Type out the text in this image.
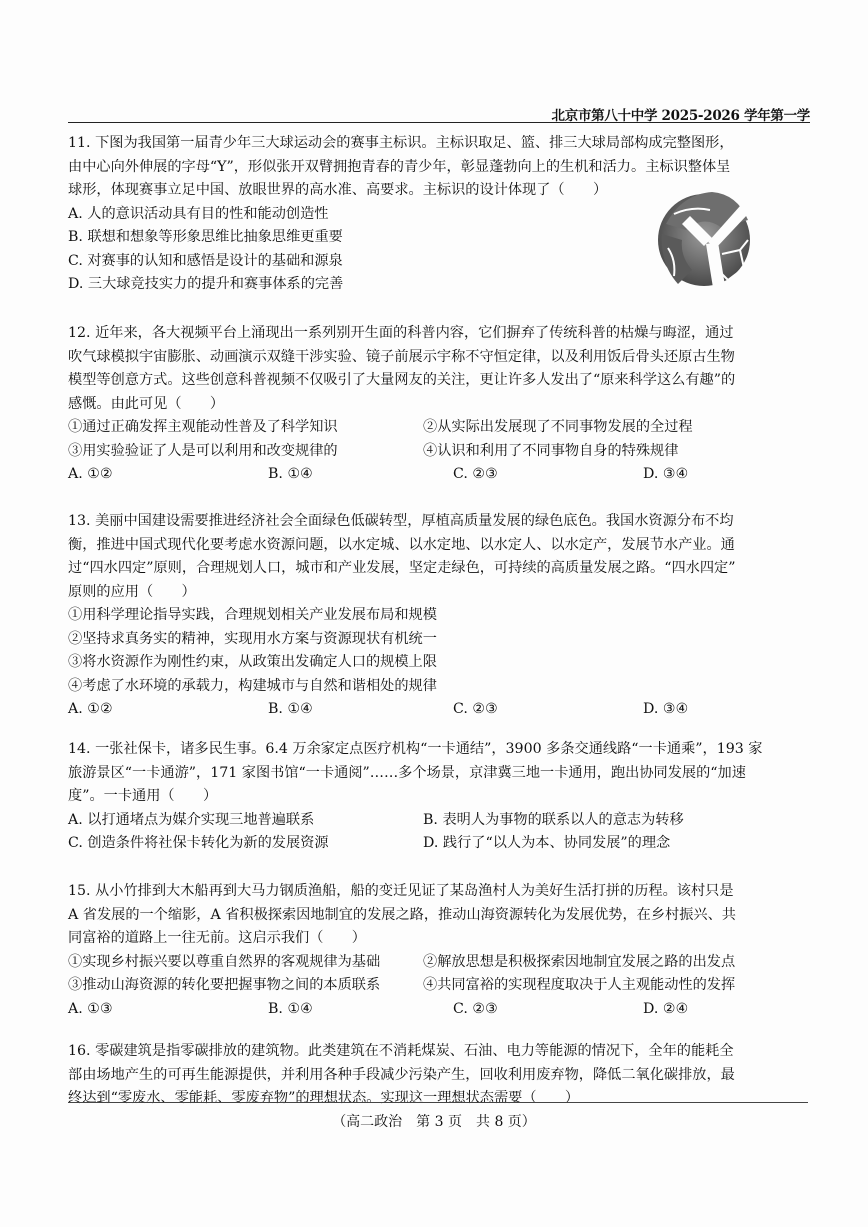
北京市第八十中学 2025-2026 学年第一学
11. 下图为我国第一届青少年三大球运动会的赛事主标识。主标识取足、篮、排三大球局部构成完整图形，
由中心向外伸展的字母“Y”，形似张开双臂拥抱青春的青少年，彰显蓬勃向上的生机和活力。主标识整体呈
球形，体现赛事立足中国、放眼世界的高水准、高要求。主标识的设计体现了（　　）
A. 人的意识活动具有目的性和能动创造性
B. 联想和想象等形象思维比抽象思维更重要
C. 对赛事的认知和感悟是设计的基础和源泉
D. 三大球竞技实力的提升和赛事体系的完善
12. 近年来，各大视频平台上涌现出一系列别开生面的科普内容，它们摒弃了传统科普的枯燥与晦涩，通过
吹气球模拟宇宙膨胀、动画演示双缝干涉实验、镜子前展示宇称不守恒定律，以及利用饭后骨头还原古生物
模型等创意方式。这些创意科普视频不仅吸引了大量网友的关注，更让许多人发出了“原来科学这么有趣”的
感慨。由此可见（　　）
①通过正确发挥主观能动性普及了科学知识	②从实际出发展现了不同事物发展的全过程
③用实验验证了人是可以利用和改变规律的	④认识和利用了不同事物自身的特殊规律
A. ①②	B. ①④	C. ②③	D. ③④
13. 美丽中国建设需要推进经济社会全面绿色低碳转型，厚植高质量发展的绿色底色。我国水资源分布不均
衡，推进中国式现代化要考虑水资源问题，以水定城、以水定地、以水定人、以水定产，发展节水产业。通
过“四水四定”原则，合理规划人口，城市和产业发展，坚定走绿色，可持续的高质量发展之路。“四水四定”
原则的应用（　　）
①用科学理论指导实践，合理规划相关产业发展布局和规模
②坚持求真务实的精神，实现用水方案与资源现状有机统一
③将水资源作为刚性约束，从政策出发确定人口的规模上限
④考虑了水环境的承载力，构建城市与自然和谐相处的规律
A. ①②	B. ①④	C. ②③	D. ③④
14. 一张社保卡，诸多民生事。6.4 万余家定点医疗机构“一卡通结”，3900 多条交通线路“一卡通乘”，193 家
旅游景区“一卡通游”，171 家图书馆“一卡通阅”……多个场景，京津冀三地一卡通用，跑出协同发展的“加速
度”。一卡通用（　　）
A. 以打通堵点为媒介实现三地普遍联系	B. 表明人为事物的联系以人的意志为转移
C. 创造条件将社保卡转化为新的发展资源	D. 践行了“以人为本、协同发展”的理念
15. 从小竹排到大木船再到大马力钢质渔船，船的变迁见证了某岛渔村人为美好生活打拼的历程。该村只是
A 省发展的一个缩影，A 省积极探索因地制宜的发展之路，推动山海资源转化为发展优势，在乡村振兴、共
同富裕的道路上一往无前。这启示我们（　　）
①实现乡村振兴要以尊重自然界的客观规律为基础	②解放思想是积极探索因地制宜发展之路的出发点
③推动山海资源的转化要把握事物之间的本质联系	④共同富裕的实现程度取决于人主观能动性的发挥
A. ①③	B. ①④	C. ②③	D. ②④
16. 零碳建筑是指零碳排放的建筑物。此类建筑在不消耗煤炭、石油、电力等能源的情况下，全年的能耗全
部由场地产生的可再生能源提供，并利用各种手段减少污染产生，回收利用废弃物，降低二氧化碳排放，最
终达到“零废水、零能耗、零废弃物”的理想状态。实现这一理想状态需要（　　）
（高二政治　第 3 页　共 8 页）
